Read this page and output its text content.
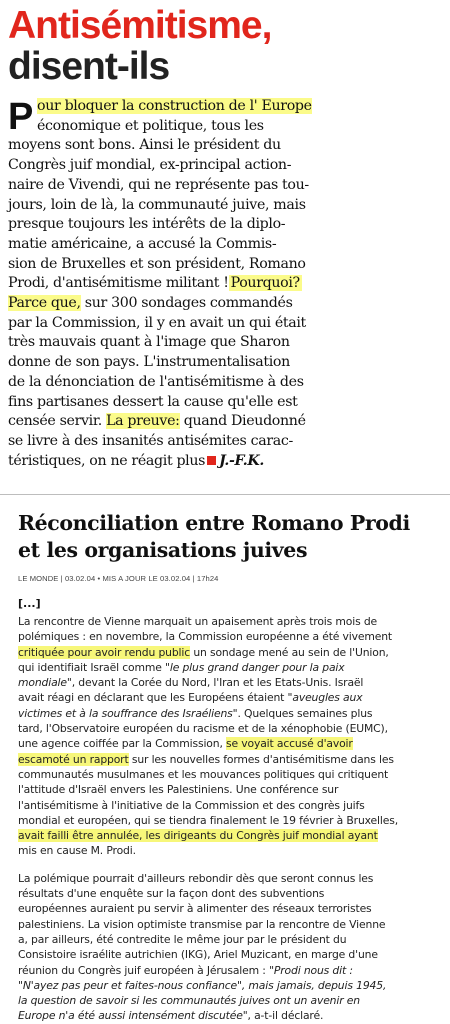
Antisémitisme,
disent-ils
P our bloquer la construction de l' Europe
économique et politique, tous les
moyens sont bons. Ainsi le président du
Congrès juif mondial, ex-principal action-
naire de Vivendi, qui ne représente pas tou-
jours, loin de là, la communauté juive, mais
presque toujours les intérêts de la diplo-
matie américaine, a accusé la Commis-
sion de Bruxelles et son président, Romano
Prodi, d'antisémitisme militant ! Pourquoi?
Parce que, sur 300 sondages commandés
par la Commission, il y en avait un qui était
très mauvais quant à l'image que Sharon
donne de son pays. L'instrumentalisation
de la dénonciation de l'antisémitisme à des
fins partisanes dessert la cause qu'elle est
censée servir. La preuve: quand Dieudonné
se livre à des insanités antisémites carac-
téristiques, on ne réagit plus J.-F.K.
Réconciliation entre Romano Prodi
et les organisations juives
LE MONDE | 03.02.04 • MIS A JOUR LE 03.02.04 | 17h24
[...]
La rencontre de Vienne marquait un apaisement après trois mois de
polémiques : en novembre, la Commission européenne a été vivement
critiquée pour avoir rendu public un sondage mené au sein de l'Union,
qui identifiait Israël comme "le plus grand danger pour la paix
mondiale", devant la Corée du Nord, l'Iran et les Etats-Unis. Israël
avait réagi en déclarant que les Européens étaient "aveugles aux
victimes et à la souffrance des Israéliens". Quelques semaines plus
tard, l'Observatoire européen du racisme et de la xénophobie (EUMC),
une agence coiffée par la Commission, se voyait accusé d'avoir
escamoté un rapport sur les nouvelles formes d'antisémitisme dans les
communautés musulmanes et les mouvances politiques qui critiquent
l'attitude d'Israël envers les Palestiniens. Une conférence sur
l'antisémitisme à l'initiative de la Commission et des congrès juifs
mondial et européen, qui se tiendra finalement le 19 février à Bruxelles,
avait failli être annulée, les dirigeants du Congrès juif mondial ayant
mis en cause M. Prodi.
La polémique pourrait d'ailleurs rebondir dès que seront connus les
résultats d'une enquête sur la façon dont des subventions
européennes auraient pu servir à alimenter des réseaux terroristes
palestiniens. La vision optimiste transmise par la rencontre de Vienne
a, par ailleurs, été contredite le même jour par le président du
Consistoire israélite autrichien (IKG), Ariel Muzicant, en marge d'une
réunion du Congrès juif européen à Jérusalem : "Prodi nous dit :
"N'ayez pas peur et faites-nous confiance", mais jamais, depuis 1945,
la question de savoir si les communautés juives ont un avenir en
Europe n'a été aussi intensément discutée", a-t-il déclaré.
